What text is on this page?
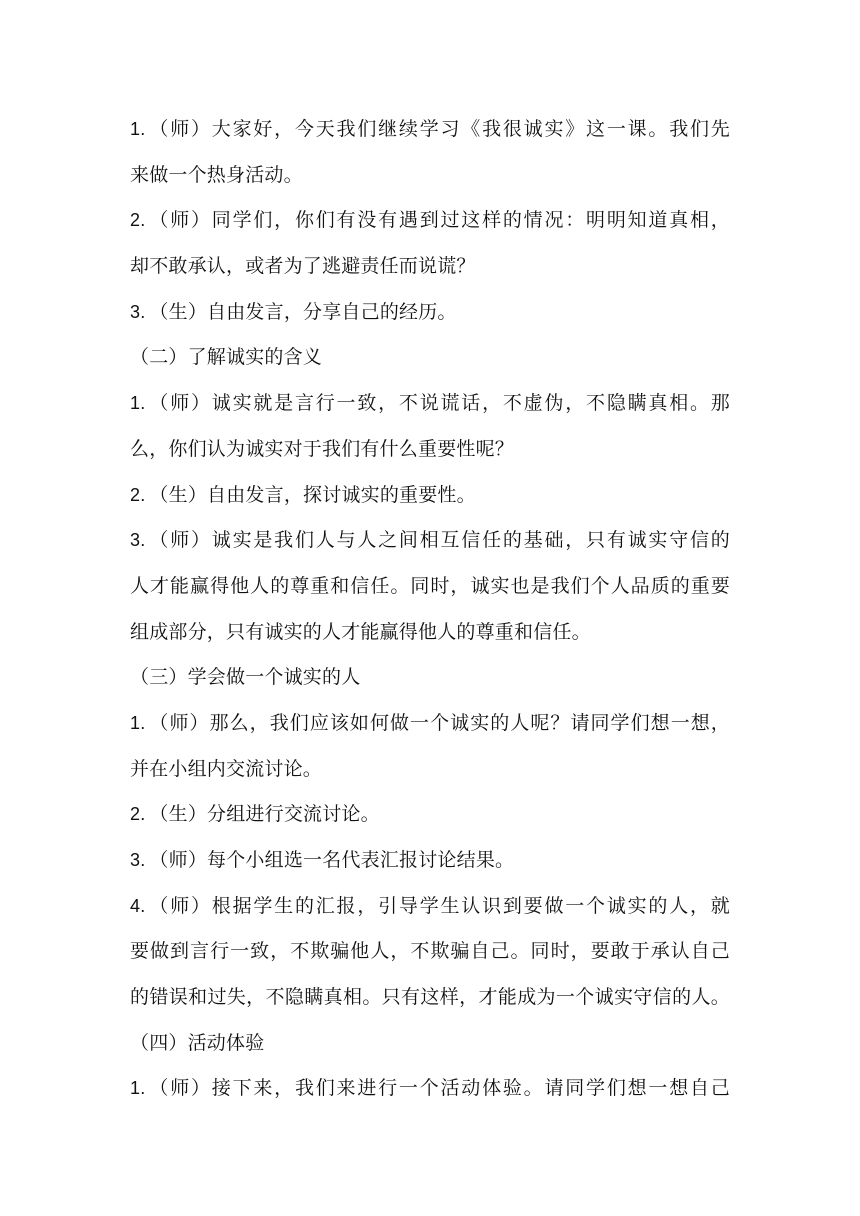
1. （师）大家好，今天我们继续学习《我很诚实》这一课。我们先
来做一个热身活动。
2. （师）同学们，你们有没有遇到过这样的情况：明明知道真相，
却不敢承认，或者为了逃避责任而说谎？
3. （生）自由发言，分享自己的经历。
（二）了解诚实的含义
1. （师）诚实就是言行一致，不说谎话，不虚伪，不隐瞒真相。那
么，你们认为诚实对于我们有什么重要性呢？
2. （生）自由发言，探讨诚实的重要性。
3. （师）诚实是我们人与人之间相互信任的基础，只有诚实守信的
人才能赢得他人的尊重和信任。同时，诚实也是我们个人品质的重要
组成部分，只有诚实的人才能赢得他人的尊重和信任。
（三）学会做一个诚实的人
1. （师）那么，我们应该如何做一个诚实的人呢？请同学们想一想，
并在小组内交流讨论。
2. （生）分组进行交流讨论。
3. （师）每个小组选一名代表汇报讨论结果。
4. （师）根据学生的汇报，引导学生认识到要做一个诚实的人，就
要做到言行一致，不欺骗他人，不欺骗自己。同时，要敢于承认自己
的错误和过失，不隐瞒真相。只有这样，才能成为一个诚实守信的人。
（四）活动体验
1. （师）接下来，我们来进行一个活动体验。请同学们想一想自己
